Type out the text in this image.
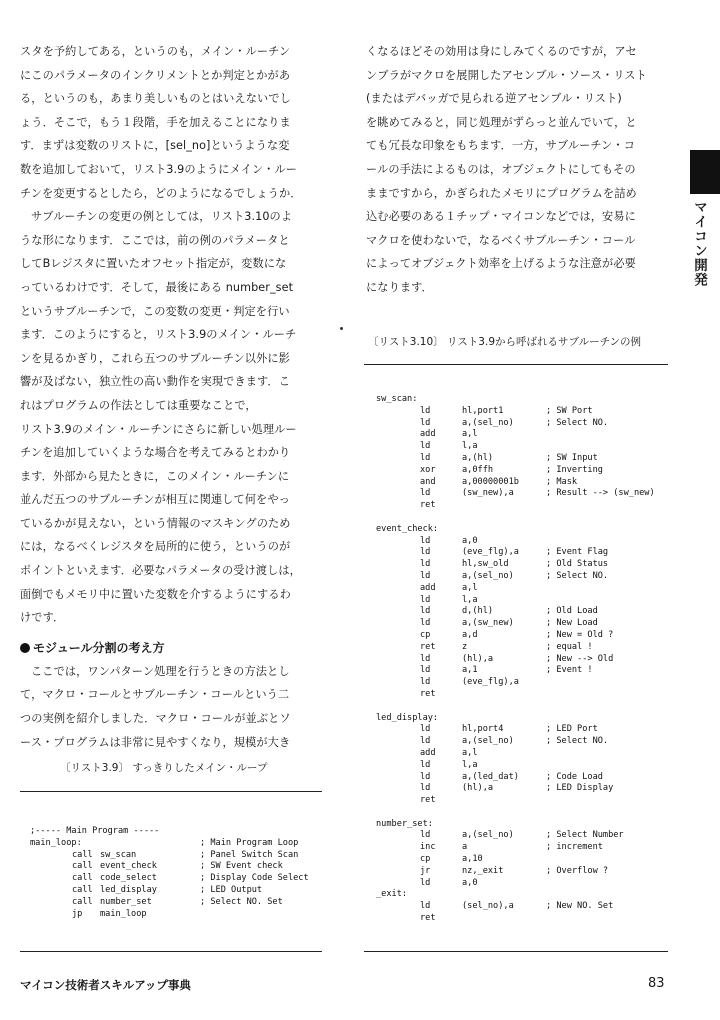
スタを予約してある，というのも，メイン・ルーチン

にこのパラメータのインクリメントとか判定とかがあ

る，というのも，あまり美しいものとはいえないでし

ょう．そこで，もう１段階，手を加えることになりま

す．まずは変数のリストに，[sel_no]というような変

数を追加しておいて，リスト3.9のようにメイン・ルー

チンを変更するとしたら，どのようになるでしょうか．

サブルーチンの変更の例としては，リスト3.10のよ

うな形になります．ここでは，前の例のパラメータと

してBレジスタに置いたオフセット指定が，変数にな

っているわけです．そして，最後にある number_set

というサブルーチンで，この変数の変更・判定を行い

ます．このようにすると，リスト3.9のメイン・ルーチ

ンを見るかぎり，これら五つのサブルーチン以外に影

響が及ばない，独立性の高い動作を実現できます．こ

れはプログラムの作法としては重要なことで，

リスト3.9のメイン・ルーチンにさらに新しい処理ルー

チンを追加していくような場合を考えてみるとわかり

ます．外部から見たときに，このメイン・ルーチンに

並んだ五つのサブルーチンが相互に関連して何をやっ

ているかが見えない，という情報のマスキングのため

には，なるべくレジスタを局所的に使う，というのが

ポイントといえます．必要なパラメータの受け渡しは，

面倒でもメモリ中に置いた変数を介するようにするわ

けです．

モジュール分割の考え方

ここでは，ワンパターン処理を行うときの方法とし

て，マクロ・コールとサブルーチン・コールという二

つの実例を紹介しました．マクロ・コールが並ぶとソ

ース・プログラムは非常に見やすくなり，規模が大き

〔リスト3.9〕 すっきりしたメイン・ループ
;----- Main Program -----
main_loop:	; Main Program Loop
call sw_scan	; Panel Switch Scan
call event_check	; SW Event check
call code_select	; Display Code Select
call led_display	; LED Output
call number_set	; Select NO. Set
jp main_loop

くなるほどその効用は身にしみてくるのですが，アセ

ンブラがマクロを展開したアセンブル・ソース・リスト

(またはデバッガで見られる逆アセンブル・リスト)

を眺めてみると，同じ処理がずらっと並んでいて，と

ても冗長な印象をもちます．一方，サブルーチン・コ

ールの手法によるものは，オブジェクトにしてもその

ままですから，かぎられたメモリにプログラムを詰め

込む必要のある１チップ・マイコンなどでは，安易に

マクロを使わないで，なるべくサブルーチン・コール

によってオブジェクト効率を上げるような注意が必要

になります．

〔リスト3.10〕 リスト3.9から呼ばれるサブルーチンの例
sw_scan:
ld	hl,port1	; SW Port
ld	a,(sel_no)	; Select NO.
add	a,l
ld	l,a
ld	a,(hl)	; SW Input
xor	a,0ffh	; Inverting
and	a,00000001b	; Mask
ld	(sw_new),a	; Result --> (sw_new)
ret
event_check:
ld	a,0
ld	(eve_flg),a	; Event Flag
ld	hl,sw_old	; Old Status
ld	a,(sel_no)	; Select NO.
add	a,l
ld	l,a
ld	d,(hl)	; Old Load
ld	a,(sw_new)	; New Load
cp	a,d	; New = Old ?
ret	z	; equal !
ld	(hl),a	; New --> Old
ld	a,1	; Event !
ld	(eve_flg),a
ret
led_display:
ld	hl,port4	; LED Port
ld	a,(sel_no)	; Select NO.
add	a,l
ld	l,a
ld	a,(led_dat)	; Code Load
ld	(hl),a	; LED Display
ret
number_set:
ld	a,(sel_no)	; Select Number
inc	a	; increment
cp	a,10
jr	nz,_exit	; Overflow ?
ld	a,0
_exit:
ld	(sel_no),a	; New NO. Set
ret
マイコン開発
マイコン技術者スキルアップ事典	83
